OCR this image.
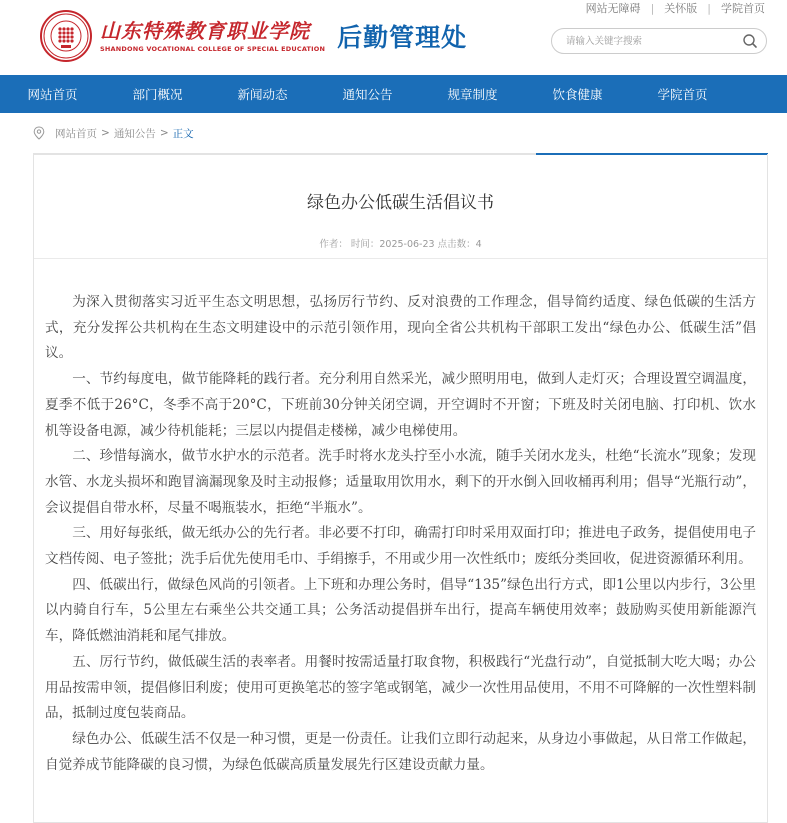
网站无障碍 | 关怀版 | 学院首页
山东特殊教育职业学院
SHANDONG VOCATIONAL COLLEGE OF SPECIAL EDUCATION 后勤管理处
请输入关键字搜索
网站首页	部门概况	新闻动态	通知公告	规章制度	饮食健康	学院首页
网站首页 > 通知公告 > 正文
绿色办公低碳生活倡议书
作者： 时间：2025-06-23 点击数：4

为深入贯彻落实习近平生态文明思想，弘扬厉行节约、反对浪费的工作理念，倡导简约适度、绿色低碳的生活方式，充分发挥公共机构在生态文明建设中的示范引领作用，现向全省公共机构干部职工发出“绿色办公、低碳生活”倡议。

一、节约每度电，做节能降耗的践行者。充分利用自然采光，减少照明用电，做到人走灯灭；合理设置空调温度，夏季不低于26°C，冬季不高于20°C，下班前30分钟关闭空调，开空调时不开窗；下班及时关闭电脑、打印机、饮水机等设备电源，减少待机能耗；三层以内提倡走楼梯，减少电梯使用。

二、珍惜每滴水，做节水护水的示范者。洗手时将水龙头拧至小水流，随手关闭水龙头，杜绝“长流水”现象；发现水管、水龙头损坏和跑冒滴漏现象及时主动报修；适量取用饮用水，剩下的开水倒入回收桶再利用；倡导“光瓶行动”，会议提倡自带水杯，尽量不喝瓶装水，拒绝“半瓶水”。

三、用好每张纸，做无纸办公的先行者。非必要不打印，确需打印时采用双面打印；推进电子政务，提倡使用电子文档传阅、电子签批；洗手后优先使用毛巾、手绢擦手，不用或少用一次性纸巾；废纸分类回收，促进资源循环利用。

四、低碳出行，做绿色风尚的引领者。上下班和办理公务时，倡导“135”绿色出行方式，即1公里以内步行，3公里以内骑自行车，5公里左右乘坐公共交通工具；公务活动提倡拼车出行，提高车辆使用效率；鼓励购买使用新能源汽车，降低燃油消耗和尾气排放。

五、厉行节约，做低碳生活的表率者。用餐时按需适量打取食物，积极践行“光盘行动”，自觉抵制大吃大喝；办公用品按需申领，提倡修旧利废；使用可更换笔芯的签字笔或钢笔，减少一次性用品使用，不用不可降解的一次性塑料制品，抵制过度包装商品。

绿色办公、低碳生活不仅是一种习惯，更是一份责任。让我们立即行动起来，从身边小事做起，从日常工作做起，自觉养成节能降碳的良习惯，为绿色低碳高质量发展先行区建设贡献力量。
